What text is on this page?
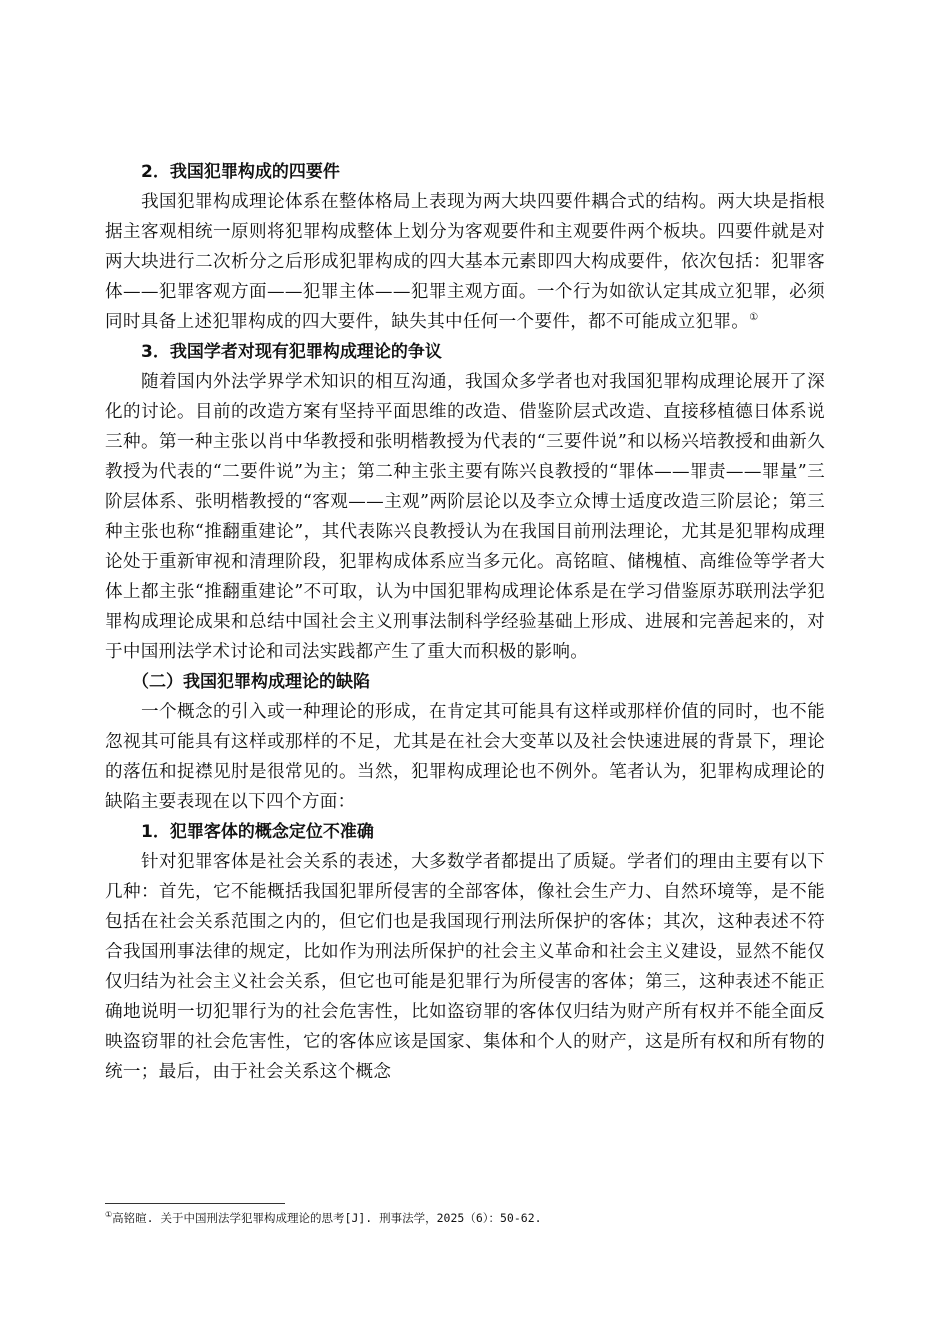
2．我国犯罪构成的四要件

我国犯罪构成理论体系在整体格局上表现为两大块四要件耦合式的结构。两大块是指根据主客观相统一原则将犯罪构成整体上划分为客观要件和主观要件两个板块。四要件就是对两大块进行二次析分之后形成犯罪构成的四大基本元素即四大构成要件，依次包括：犯罪客体——犯罪客观方面——犯罪主体——犯罪主观方面。一个行为如欲认定其成立犯罪，必须同时具备上述犯罪构成的四大要件，缺失其中任何一个要件，都不可能成立犯罪。①

3．我国学者对现有犯罪构成理论的争议

随着国内外法学界学术知识的相互沟通，我国众多学者也对我国犯罪构成理论展开了深化的讨论。目前的改造方案有坚持平面思维的改造、借鉴阶层式改造、直接移植德日体系说三种。第一种主张以肖中华教授和张明楷教授为代表的“三要件说”和以杨兴培教授和曲新久教授为代表的“二要件说”为主；第二种主张主要有陈兴良教授的“罪体——罪责——罪量”三阶层体系、张明楷教授的“客观——主观”两阶层论以及李立众博士适度改造三阶层论；第三种主张也称“推翻重建论”，其代表陈兴良教授认为在我国目前刑法理论，尤其是犯罪构成理论处于重新审视和清理阶段，犯罪构成体系应当多元化。高铭暄、储槐植、高维俭等学者大体上都主张“推翻重建论”不可取，认为中国犯罪构成理论体系是在学习借鉴原苏联刑法学犯罪构成理论成果和总结中国社会主义刑事法制科学经验基础上形成、进展和完善起来的，对于中国刑法学术讨论和司法实践都产生了重大而积极的影响。

（二）我国犯罪构成理论的缺陷

一个概念的引入或一种理论的形成，在肯定其可能具有这样或那样价值的同时，也不能忽视其可能具有这样或那样的不足，尤其是在社会大变革以及社会快速进展的背景下，理论的落伍和捉襟见肘是很常见的。当然，犯罪构成理论也不例外。笔者认为，犯罪构成理论的缺陷主要表现在以下四个方面：

1．犯罪客体的概念定位不准确

针对犯罪客体是社会关系的表述，大多数学者都提出了质疑。学者们的理由主要有以下几种：首先，它不能概括我国犯罪所侵害的全部客体，像社会生产力、自然环境等，是不能包括在社会关系范围之内的，但它们也是我国现行刑法所保护的客体；其次，这种表述不符合我国刑事法律的规定，比如作为刑法所保护的社会主义革命和社会主义建设，显然不能仅仅归结为社会主义社会关系，但它也可能是犯罪行为所侵害的客体；第三，这种表述不能正确地说明一切犯罪行为的社会危害性，比如盗窃罪的客体仅归结为财产所有权并不能全面反映盗窃罪的社会危害性，它的客体应该是国家、集体和个人的财产，这是所有权和所有物的统一；最后，由于社会关系这个概念

①高铭暄. 关于中国刑法学犯罪构成理论的思考[J]. 刑事法学，2025（6）：50-62.
